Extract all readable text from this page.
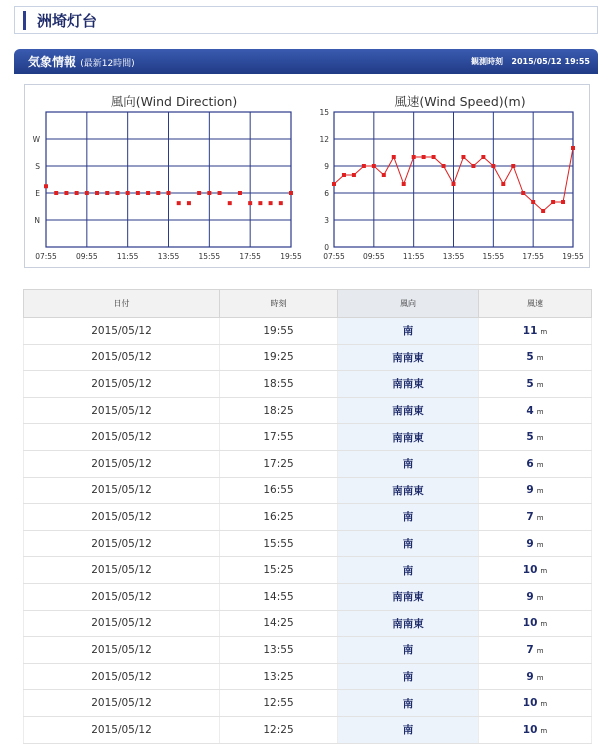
洲埼灯台
気象情報 (最新12時間)	観測時刻 2015/05/12 19:55
風向(Wind Direction)
W
S
E
N
07:55	09:55	11:55	13:55	15:55	17:55	19:55
風速(Wind Speed)(m)
0
3
6
9
12
15
07:55 09:55 11:55 13:55 15:55 17:55 19:55
日付	時刻	風向	風速
2015/05/12	19:55	南	11 m
2015/05/12	19:25	南南東	5 m
2015/05/12	18:55	南南東	5 m
2015/05/12	18:25	南南東	4 m
2015/05/12	17:55	南南東	5 m
2015/05/12	17:25	南	6 m
2015/05/12	16:55	南南東	9 m
2015/05/12	16:25	南	7 m
2015/05/12	15:55	南	9 m
2015/05/12	15:25	南	10 m
2015/05/12	14:55	南南東	9 m
2015/05/12	14:25	南南東	10 m
2015/05/12	13:55	南	7 m
2015/05/12	13:25	南	9 m
2015/05/12	12:55	南	10 m
2015/05/12	12:25	南	10 m
